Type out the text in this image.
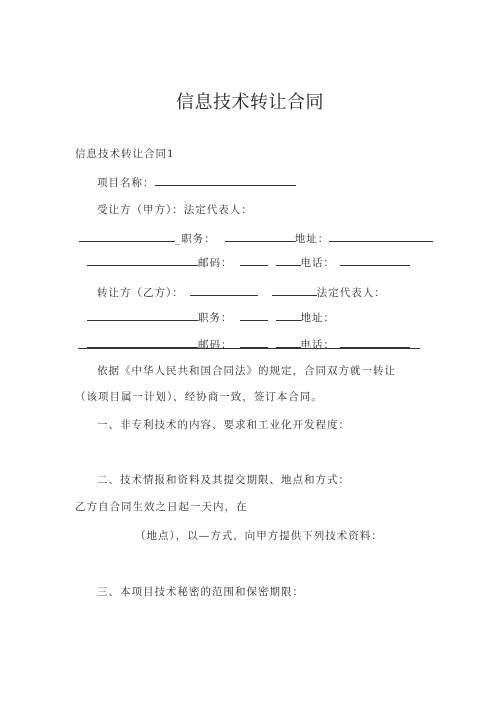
信息技术转让合同
信息技术转让合同1
项目名称：
受让方（甲方）：法定代表人：
_职务：	地址：
邮码：	电话：
转让方（乙方）：	法定代表人：
职务：	地址：
邮码：	电话：
依据《中华人民共和国合同法》的规定，合同双方就一转让
（该项目属一计划），经协商一致，签订本合同。
一、非专利技术的内容、要求和工业化开发程度：
二、技术情报和资料及其提交期限、地点和方式：
乙方自合同生效之日起一天内，在
（地点），以—方式，向甲方提供下列技术资料：
三、本项目技术秘密的范围和保密期限：
